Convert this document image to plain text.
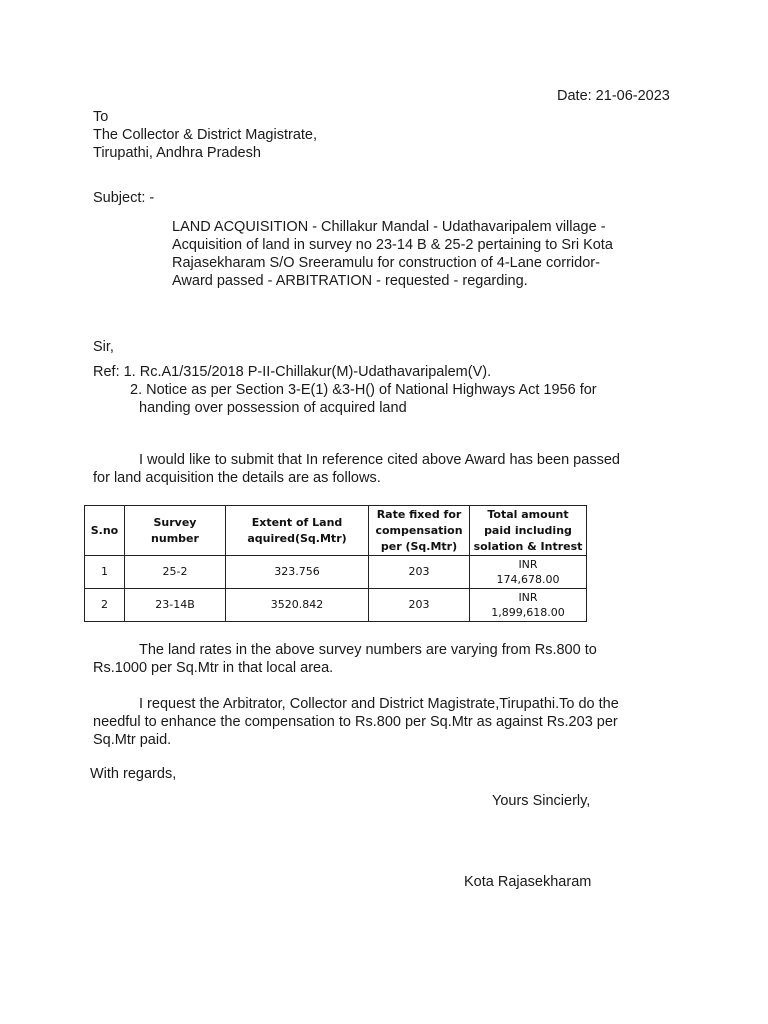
Date: 21-06-2023
To
The Collector & District Magistrate,
Tirupathi, Andhra Pradesh
Subject: -
LAND ACQUISITION - Chillakur Mandal - Udathavaripalem village -
Acquisition of land in survey no 23-14 B & 25-2 pertaining to Sri Kota
Rajasekharam S/O Sreeramulu for construction of 4-Lane corridor-
Award passed - ARBITRATION - requested - regarding.
Sir,
Ref: 1. Rc.A1/315/2018 P-II-Chillakur(M)-Udathavaripalem(V).
2. Notice as per Section 3-E(1) &3-H() of National Highways Act 1956 for
handing over possession of acquired land
I would like to submit that In reference cited above Award has been passed
for land acquisition the details are as follows.
S.no	Survey number	Extent of Land aquired(Sq.Mtr)	Rate fixed for compensation per (Sq.Mtr)	Total amount paid including solation & Intrest
1	25-2	323.756	203	INR
174,678.00

2	23-14B	3520.842	203	INR
1,899,618.00
The land rates in the above survey numbers are varying from Rs.800 to
Rs.1000 per Sq.Mtr in that local area.
I request the Arbitrator, Collector and District Magistrate,Tirupathi.To do the
needful to enhance the compensation to Rs.800 per Sq.Mtr as against Rs.203 per
Sq.Mtr paid.
With regards,
Yours Sincierly,
Kota Rajasekharam
